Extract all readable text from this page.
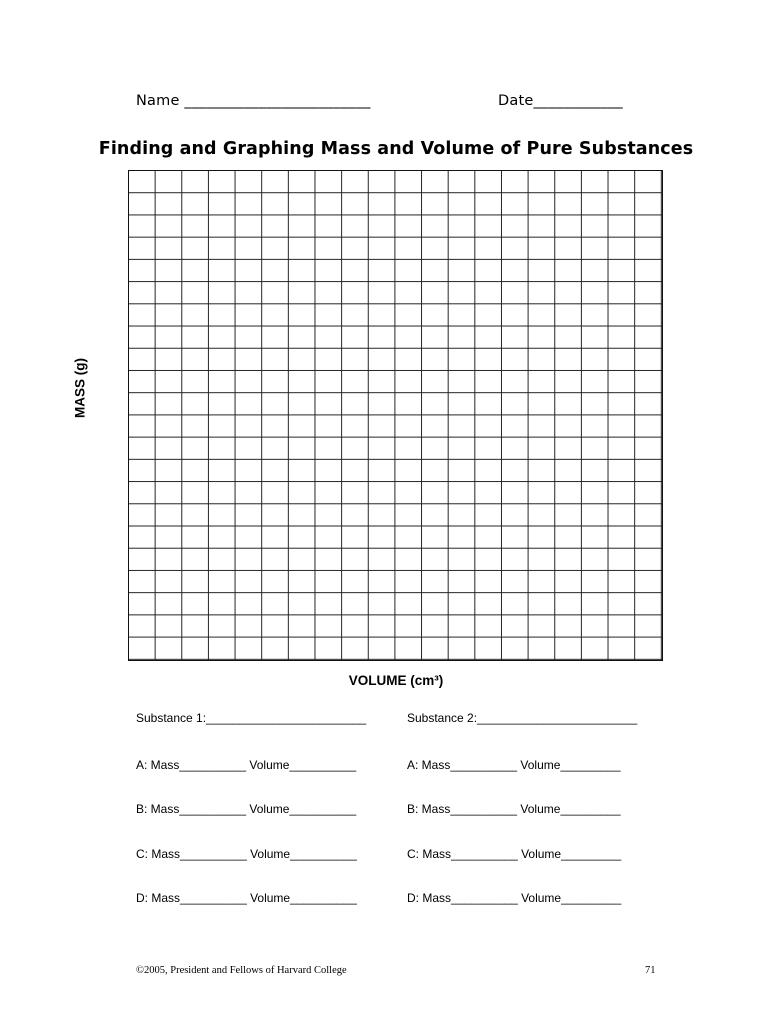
Name _________________________	Date____________
Finding and Graphing Mass and Volume of Pure Substances
MASS (g)
VOLUME (cm³)
Substance 1:________________________
A: Mass__________ Volume__________
B: Mass__________ Volume__________
C: Mass__________ Volume__________
D: Mass__________ Volume__________
Substance 2:________________________
A: Mass__________ Volume_________
B: Mass__________ Volume_________
C: Mass__________ Volume_________
D: Mass__________ Volume_________
©2005, President and Fellows of Harvard College	71
